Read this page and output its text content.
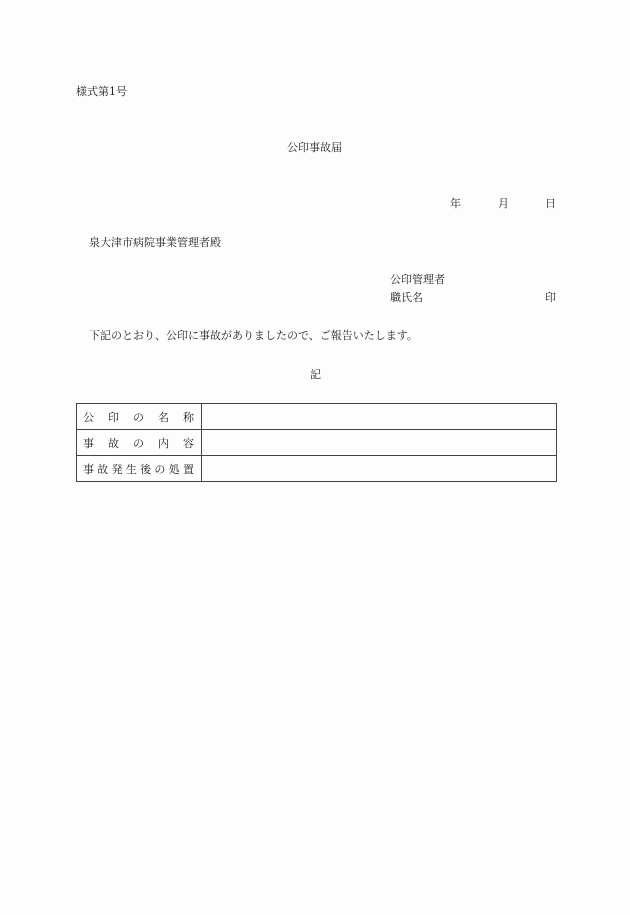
様式第1号
公印事故届
年	月	日
泉大津市病院事業管理者殿
公印管理者
職氏名	印
下記のとおり、公印に事故がありましたので、ご報告いたします。
記
公印の名称	
事故の内容	
事故発生後の処置	
